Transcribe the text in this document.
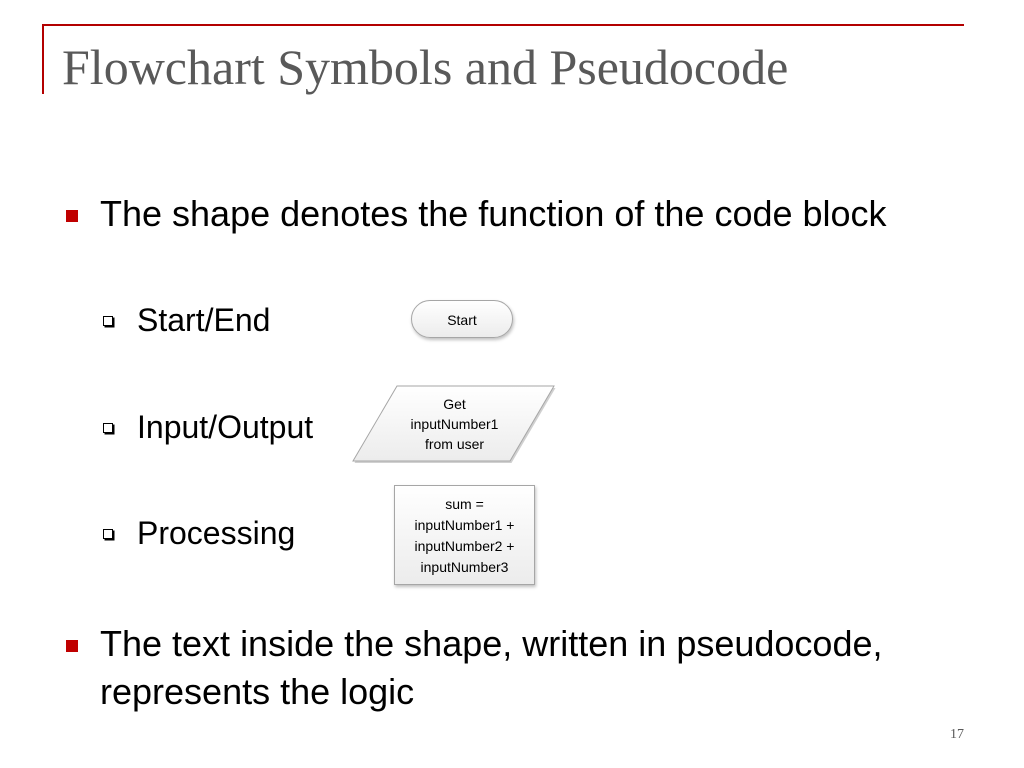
Flowchart Symbols and Pseudocode
The shape denotes the function of the code block
Start/End
Input/Output
Processing
Start
Get
inputNumber1
from user
sum =
inputNumber1 +
inputNumber2 +
inputNumber3
The text inside the shape, written in pseudocode, represents the logic
17
